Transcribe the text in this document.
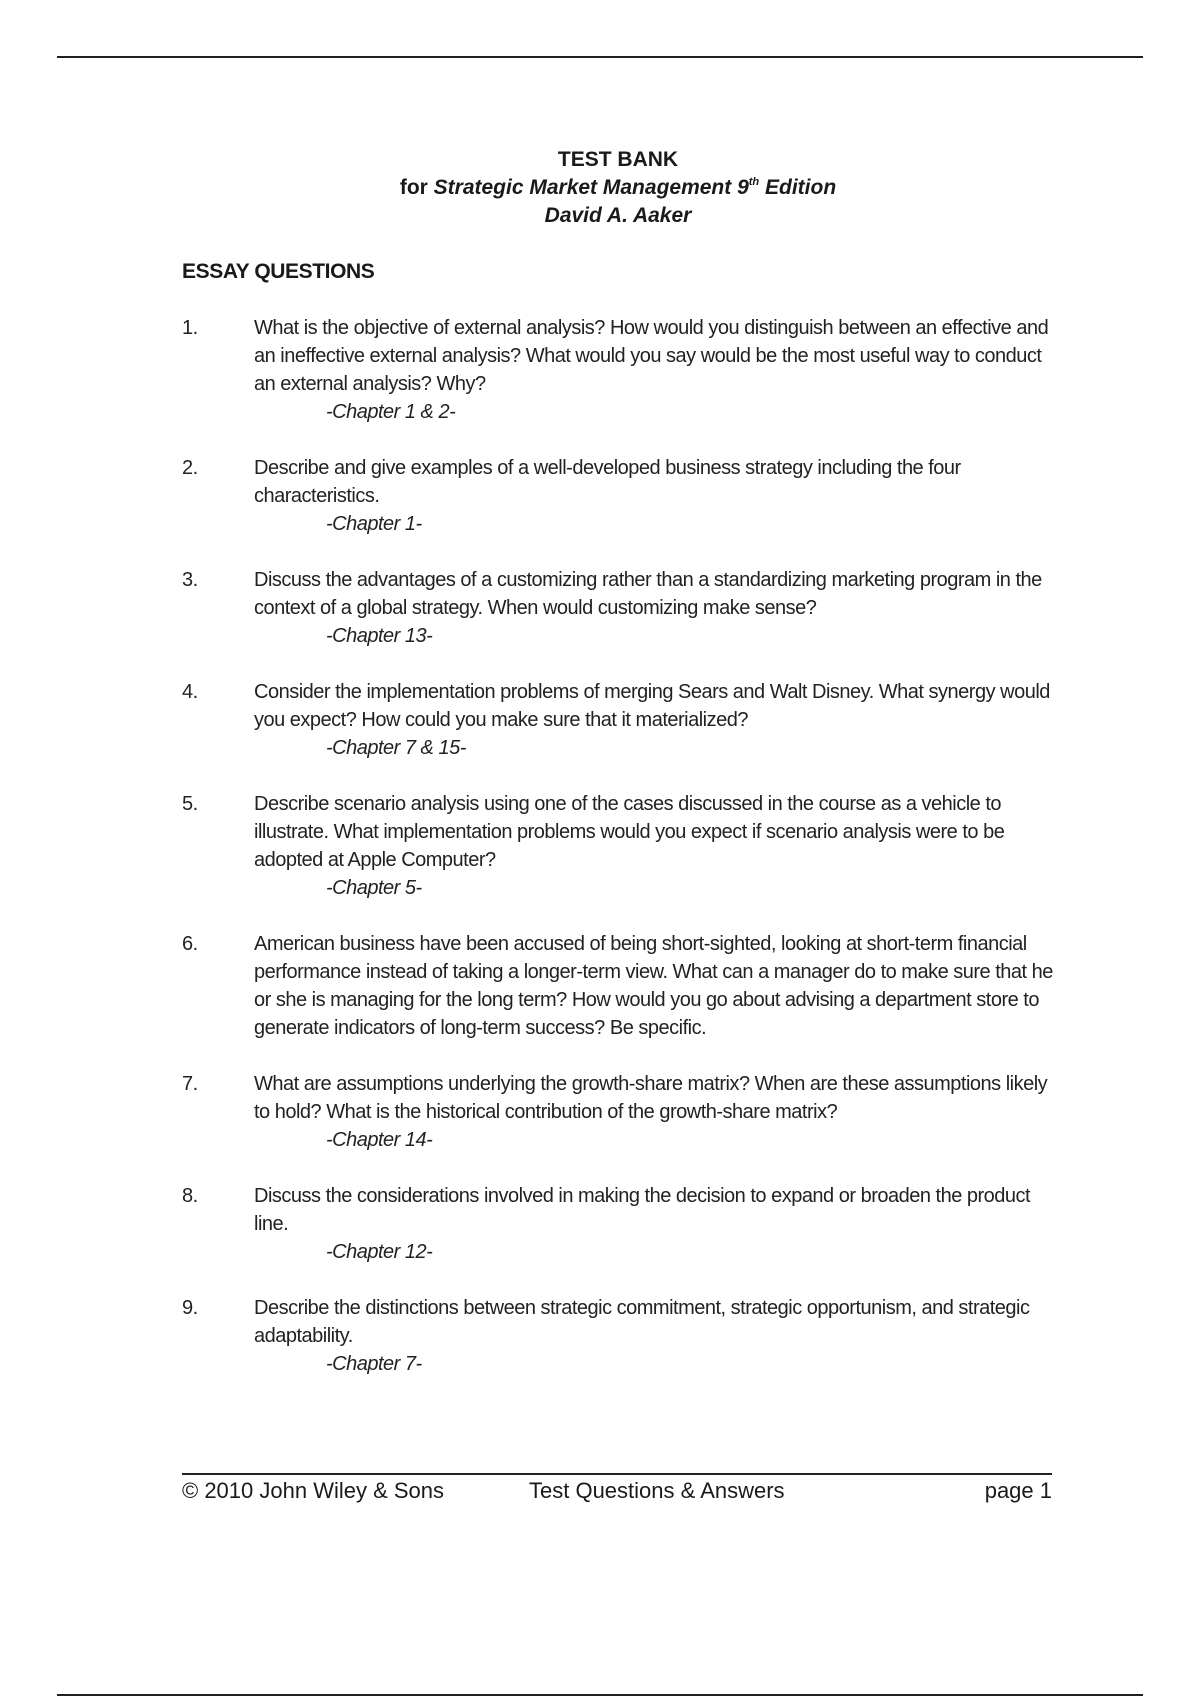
TEST BANK
for Strategic Market Management 9th Edition
David A. Aaker
ESSAY QUESTIONS
1.	What is the objective of external analysis? How would you distinguish between an effective and an ineffective external analysis? What would you say would be the most useful way to conduct an external analysis? Why?
-Chapter 1 & 2-
2.	Describe and give examples of a well-developed business strategy including the four characteristics.
-Chapter 1-
3.	Discuss the advantages of a customizing rather than a standardizing marketing program in the context of a global strategy. When would customizing make sense?
-Chapter 13-
4.	Consider the implementation problems of merging Sears and Walt Disney. What synergy would you expect? How could you make sure that it materialized?
-Chapter 7 & 15-
5.	Describe scenario analysis using one of the cases discussed in the course as a vehicle to illustrate. What implementation problems would you expect if scenario analysis were to be adopted at Apple Computer?
-Chapter 5-
6.	American business have been accused of being short-sighted, looking at short-term financial performance instead of taking a longer-term view. What can a manager do to make sure that he or she is managing for the long term? How would you go about advising a department store to generate indicators of long-term success? Be specific.
7.	What are assumptions underlying the growth-share matrix? When are these assumptions likely to hold? What is the historical contribution of the growth-share matrix?
-Chapter 14-
8.	Discuss the considerations involved in making the decision to expand or broaden the product line.
-Chapter 12-
9.	Describe the distinctions between strategic commitment, strategic opportunism, and strategic adaptability.
-Chapter 7-
© 2010 John Wiley & Sons	Test Questions & Answers	page 1
